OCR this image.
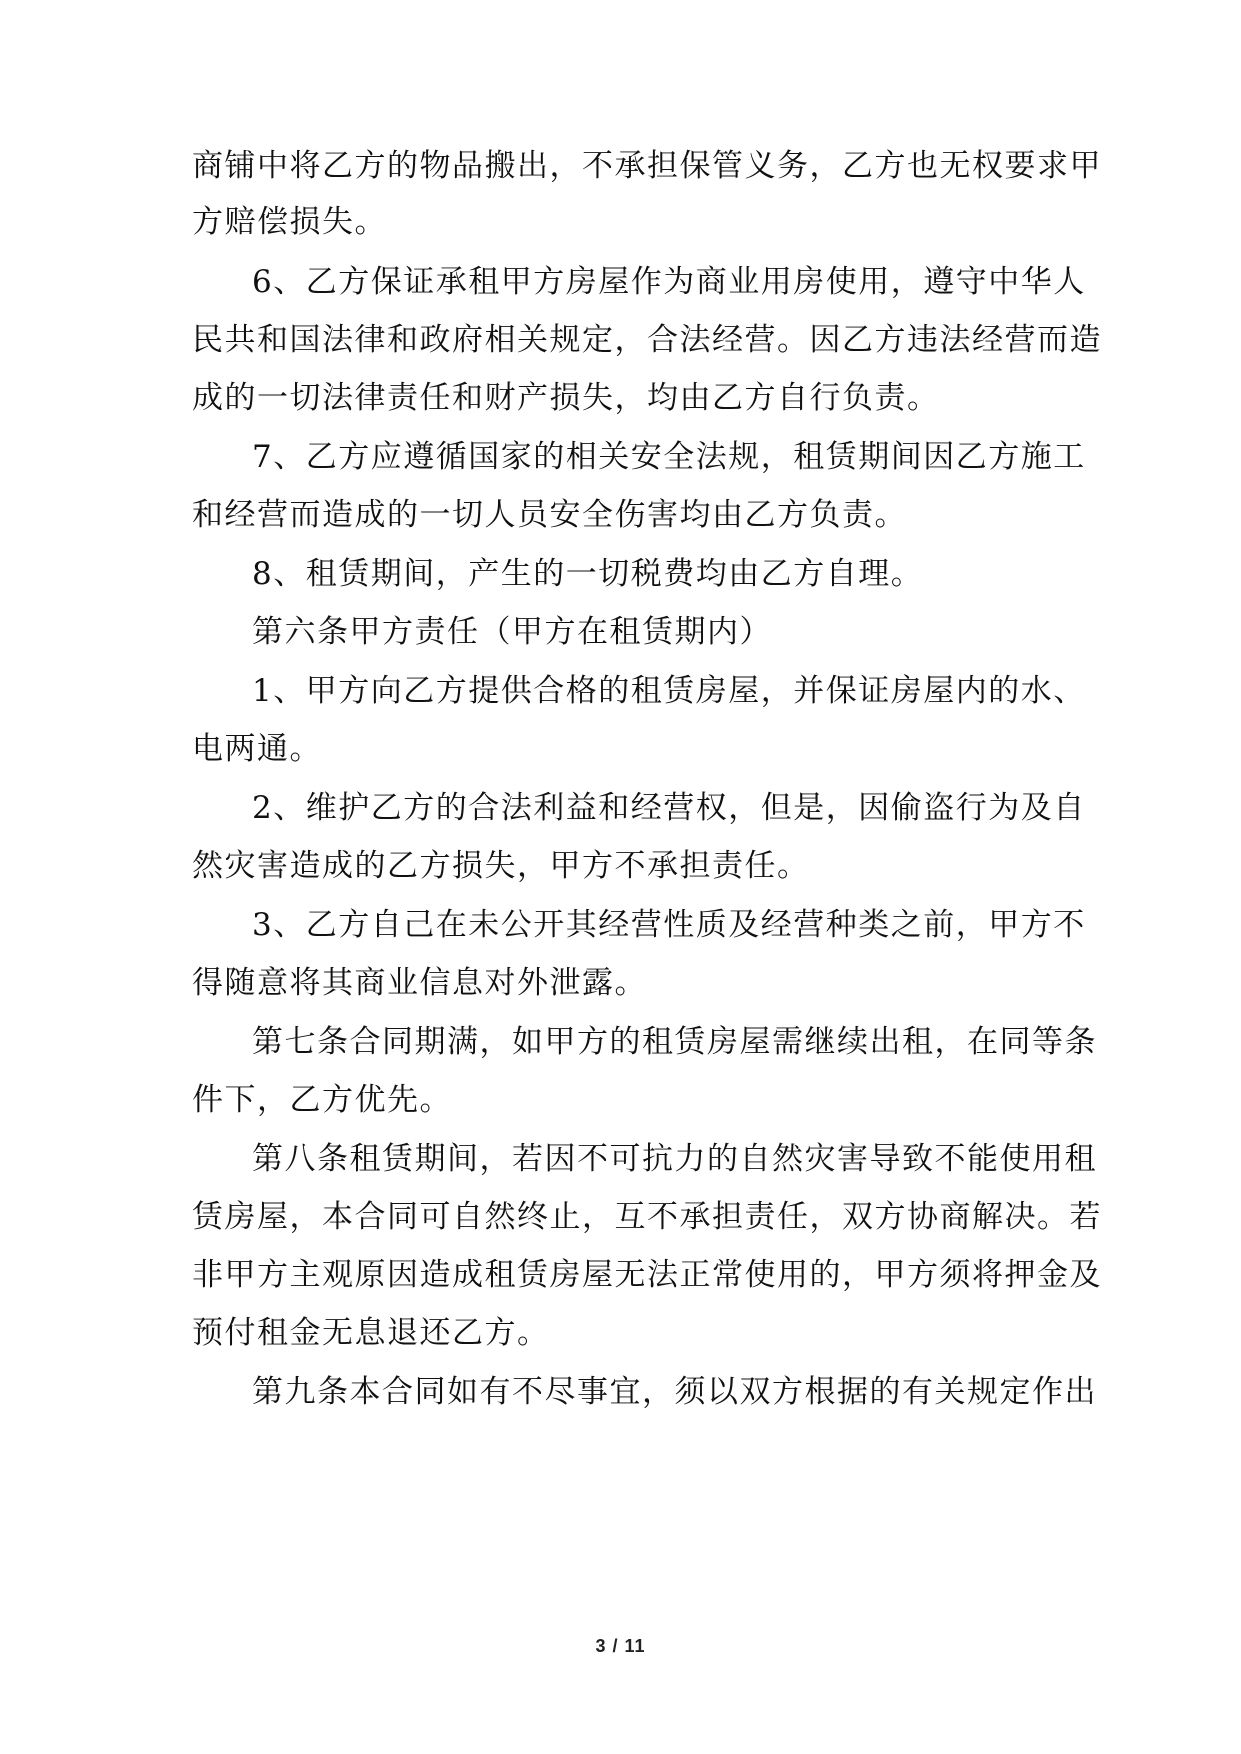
商铺中将乙方的物品搬出，不承担保管义务，乙方也无权要求甲
方赔偿损失。
6、乙方保证承租甲方房屋作为商业用房使用，遵守中华人
民共和国法律和政府相关规定，合法经营。因乙方违法经营而造
成的一切法律责任和财产损失，均由乙方自行负责。
7、乙方应遵循国家的相关安全法规，租赁期间因乙方施工
和经营而造成的一切人员安全伤害均由乙方负责。
8、租赁期间，产生的一切税费均由乙方自理。
第六条甲方责任（甲方在租赁期内）
1、甲方向乙方提供合格的租赁房屋，并保证房屋内的水、
电两通。
2、维护乙方的合法利益和经营权，但是，因偷盗行为及自
然灾害造成的乙方损失，甲方不承担责任。
3、乙方自己在未公开其经营性质及经营种类之前，甲方不
得随意将其商业信息对外泄露。
第七条合同期满，如甲方的租赁房屋需继续出租，在同等条
件下，乙方优先。
第八条租赁期间，若因不可抗力的自然灾害导致不能使用租
赁房屋，本合同可自然终止，互不承担责任，双方协商解决。若
非甲方主观原因造成租赁房屋无法正常使用的，甲方须将押金及
预付租金无息退还乙方。
第九条本合同如有不尽事宜，须以双方根据的有关规定作出
3 / 11
